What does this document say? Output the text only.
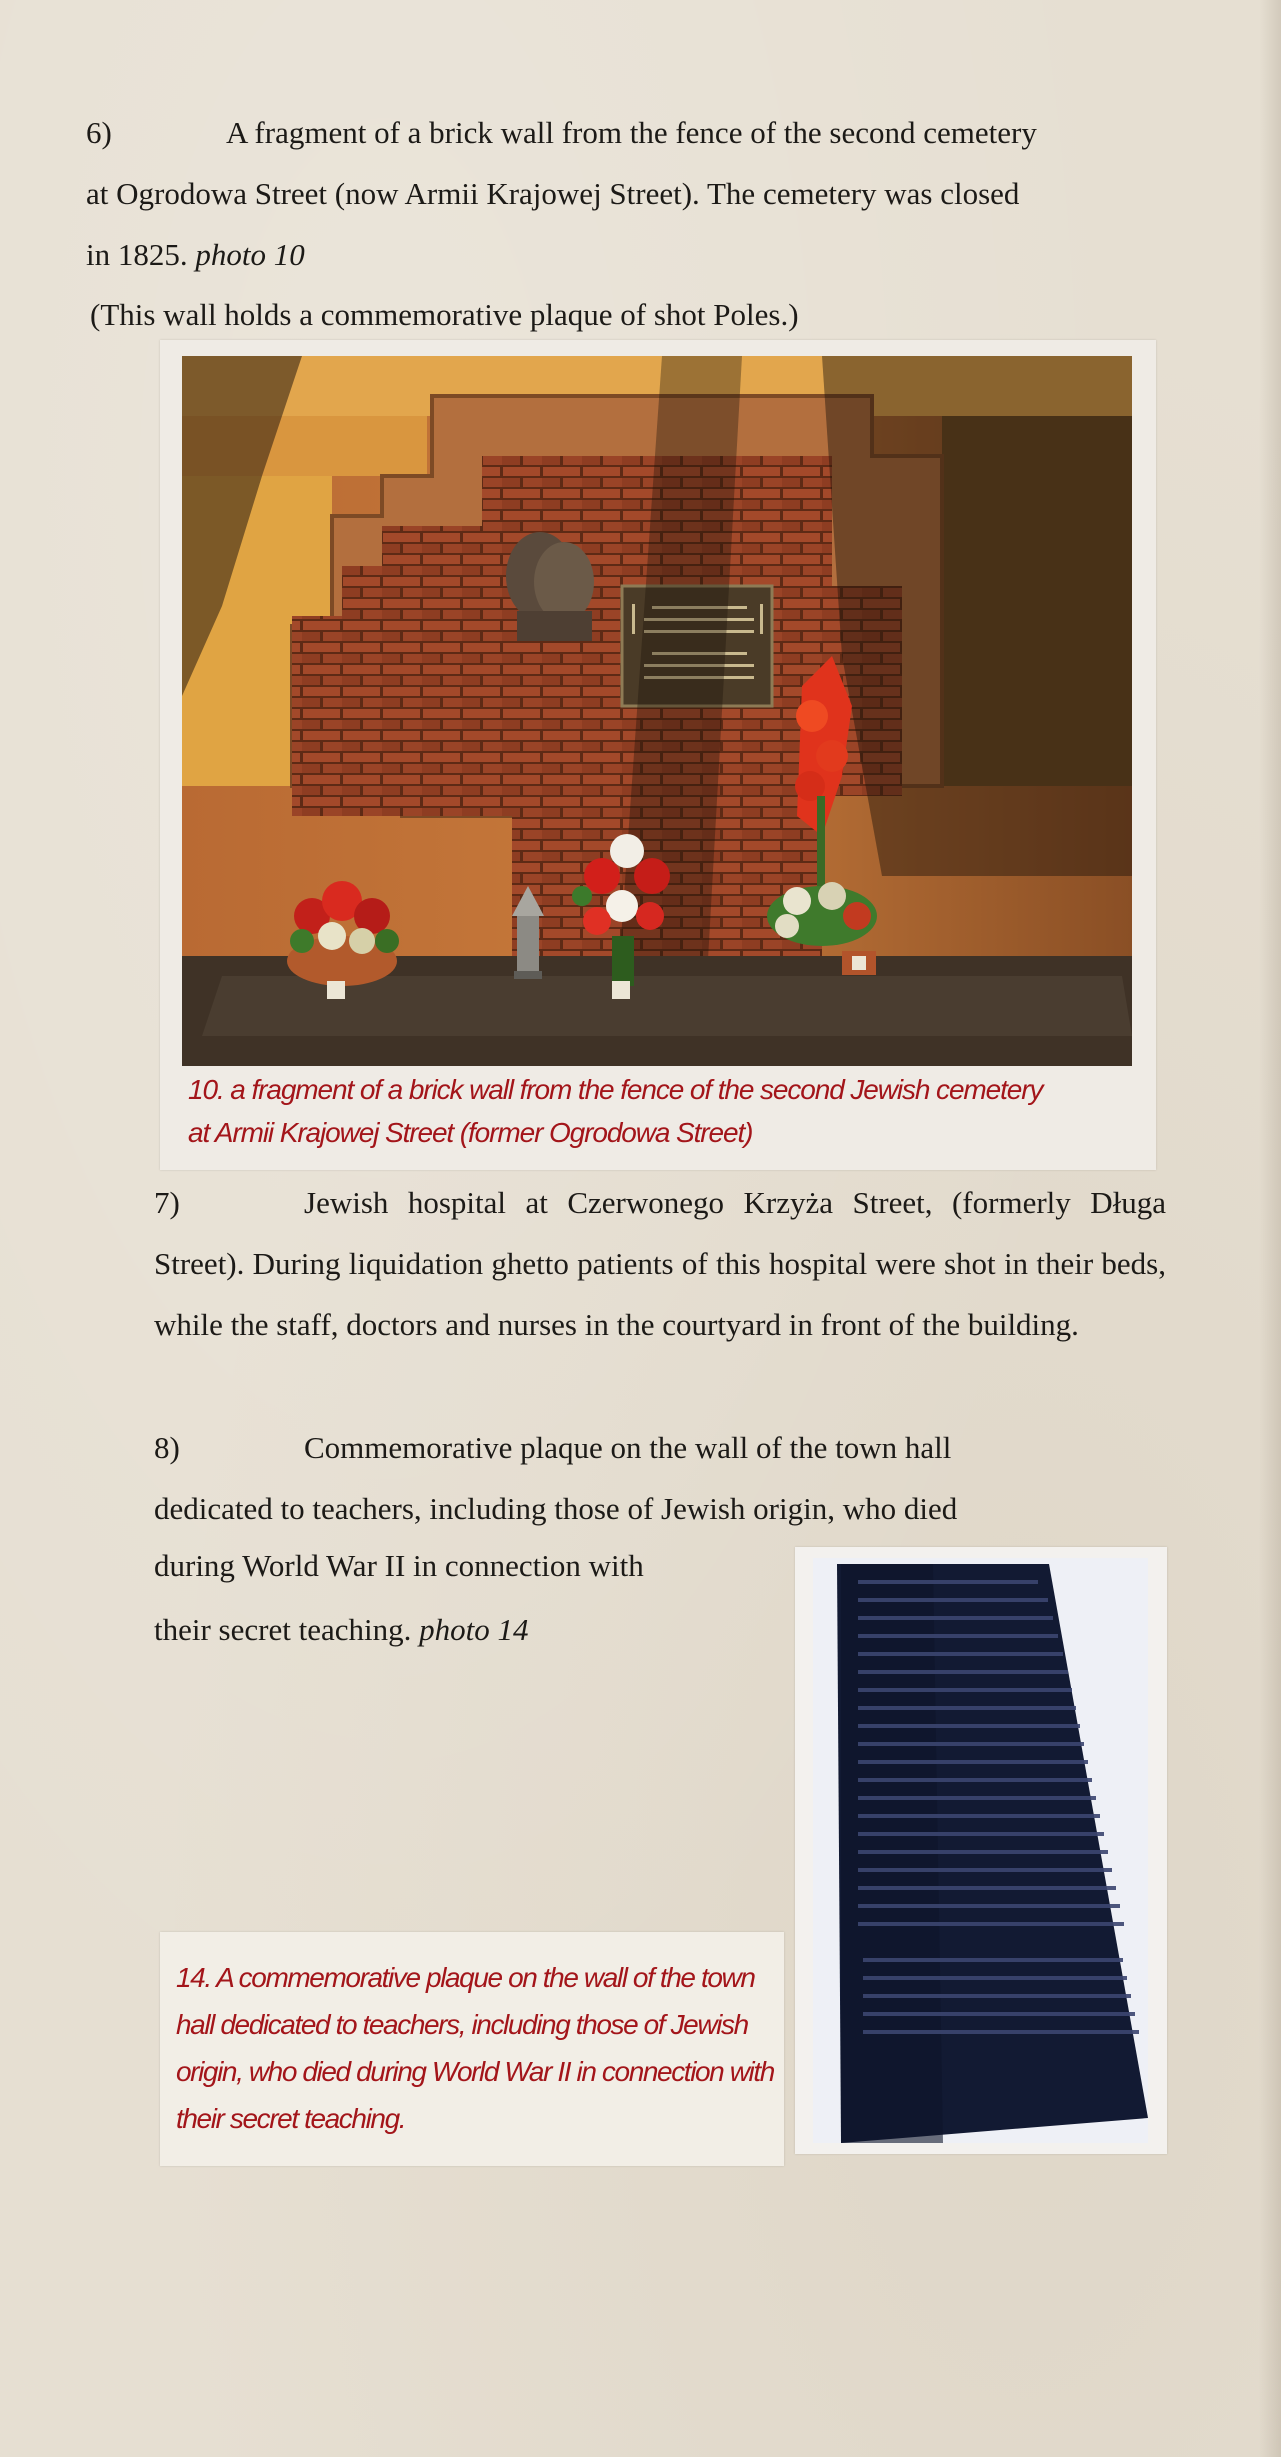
6)	A fragment of a brick wall from the fence of the second cemetery
at Ogrodowa Street (now Armii Krajowej Street). The cemetery was closed
in 1825. photo 10

(This wall holds a commemorative plaque of shot Poles.)

10. a fragment of a brick wall from the fence of the second Jewish cemetery
at Armii Krajowej Street (former Ogrodowa Street)

7)	Jewish hospital at Czerwonego Krzyża Street, (formerly Długa Street). During liquidation ghetto patients of this hospital were shot in their beds, while the staff, doctors and nurses in the courtyard in front of the building.

8)	Commemorative plaque on the wall of the town hall
dedicated to teachers, including those of Jewish origin, who died

during World War II in connection with
their secret teaching. photo 14

14. A commemorative plaque on the wall of the town
hall dedicated to teachers, including those of Jewish
origin, who died during World War II in connection with
their secret teaching.
